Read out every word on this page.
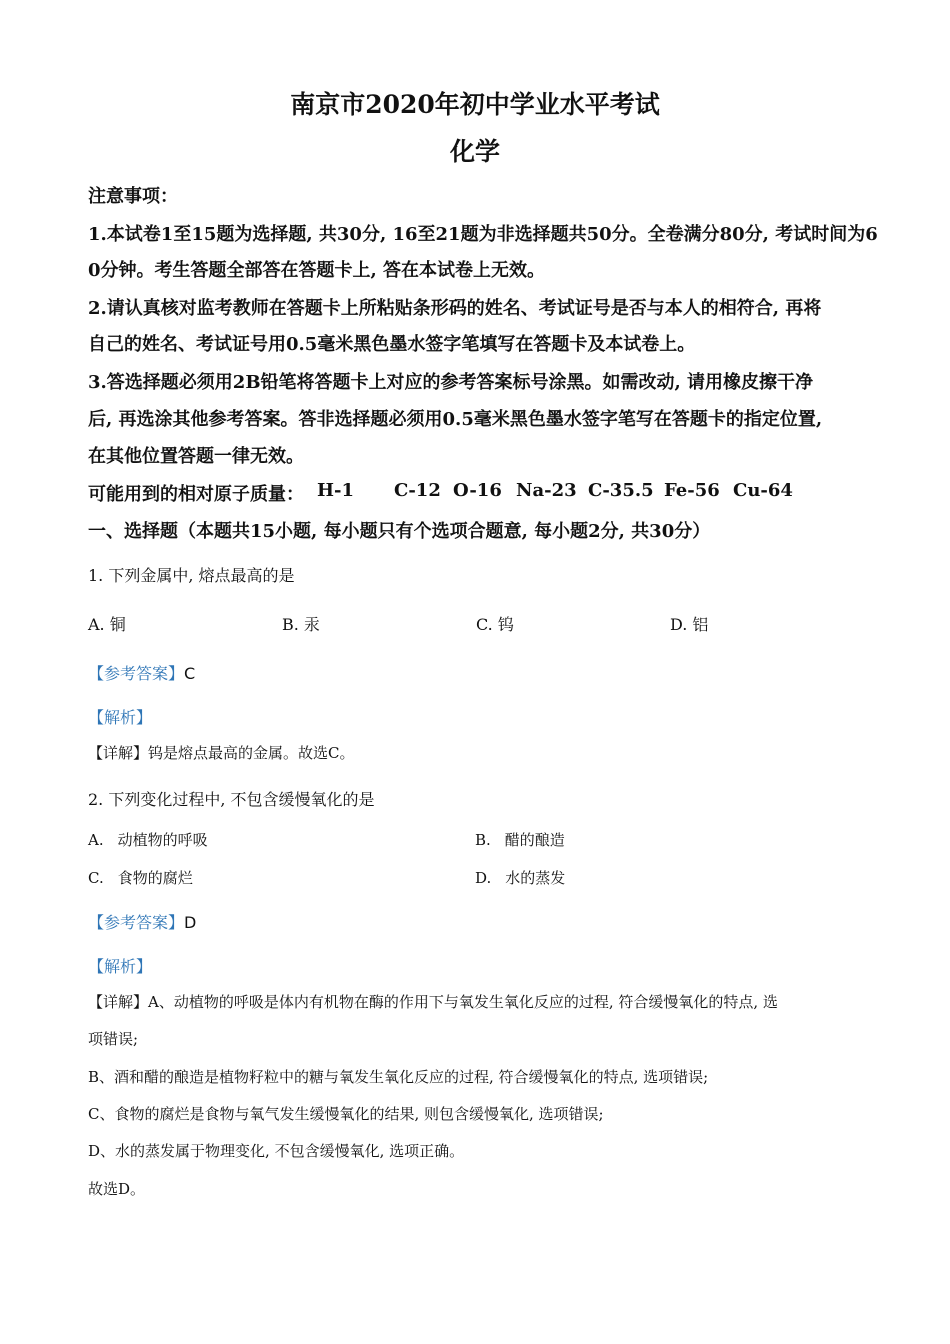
南京市2020年初中学业水平考试
化学
注意事项：
1.本试卷1至15题为选择题, 共30分, 16至21题为非选择题共50分。全卷满分80分, 考试时间为6
0分钟。考生答题全部答在答题卡上, 答在本试卷上无效。
2.请认真核对监考教师在答题卡上所粘贴条形码的姓名、考试证号是否与本人的相符合, 再将
自己的姓名、考试证号用0.5毫米黑色墨水签字笔填写在答题卡及本试卷上。
3.答选择题必须用2B铅笔将答题卡上对应的参考答案标号涂黑。如需改动, 请用橡皮擦干净
后, 再选涂其他参考答案。答非选择题必须用0.5毫米黑色墨水签字笔写在答题卡的指定位置,
在其他位置答题一律无效。
可能用到的相对原子质量： H-1 C-12 O-16 Na-23 C-35.5 Fe-56 Cu-64
一、选择题（本题共15小题, 每小题只有个选项合题意, 每小题2分, 共30分）
1. 下列金属中, 熔点最高的是
A. 铜	B. 汞	C. 钨	D. 铝
【参考答案】C
【解析】
【详解】钨是熔点最高的金属。故选C。
2. 下列变化过程中, 不包含缓慢氧化的是
A. 动植物的呼吸	B. 醋的酿造
C. 食物的腐烂	D. 水的蒸发
【参考答案】D
【解析】
【详解】A、动植物的呼吸是体内有机物在酶的作用下与氧发生氧化反应的过程, 符合缓慢氧化的特点, 选
项错误;
B、酒和醋的酿造是植物籽粒中的糖与氧发生氧化反应的过程, 符合缓慢氧化的特点, 选项错误;
C、食物的腐烂是食物与氧气发生缓慢氧化的结果, 则包含缓慢氧化, 选项错误;
D、水的蒸发属于物理变化, 不包含缓慢氧化, 选项正确。
故选D。
